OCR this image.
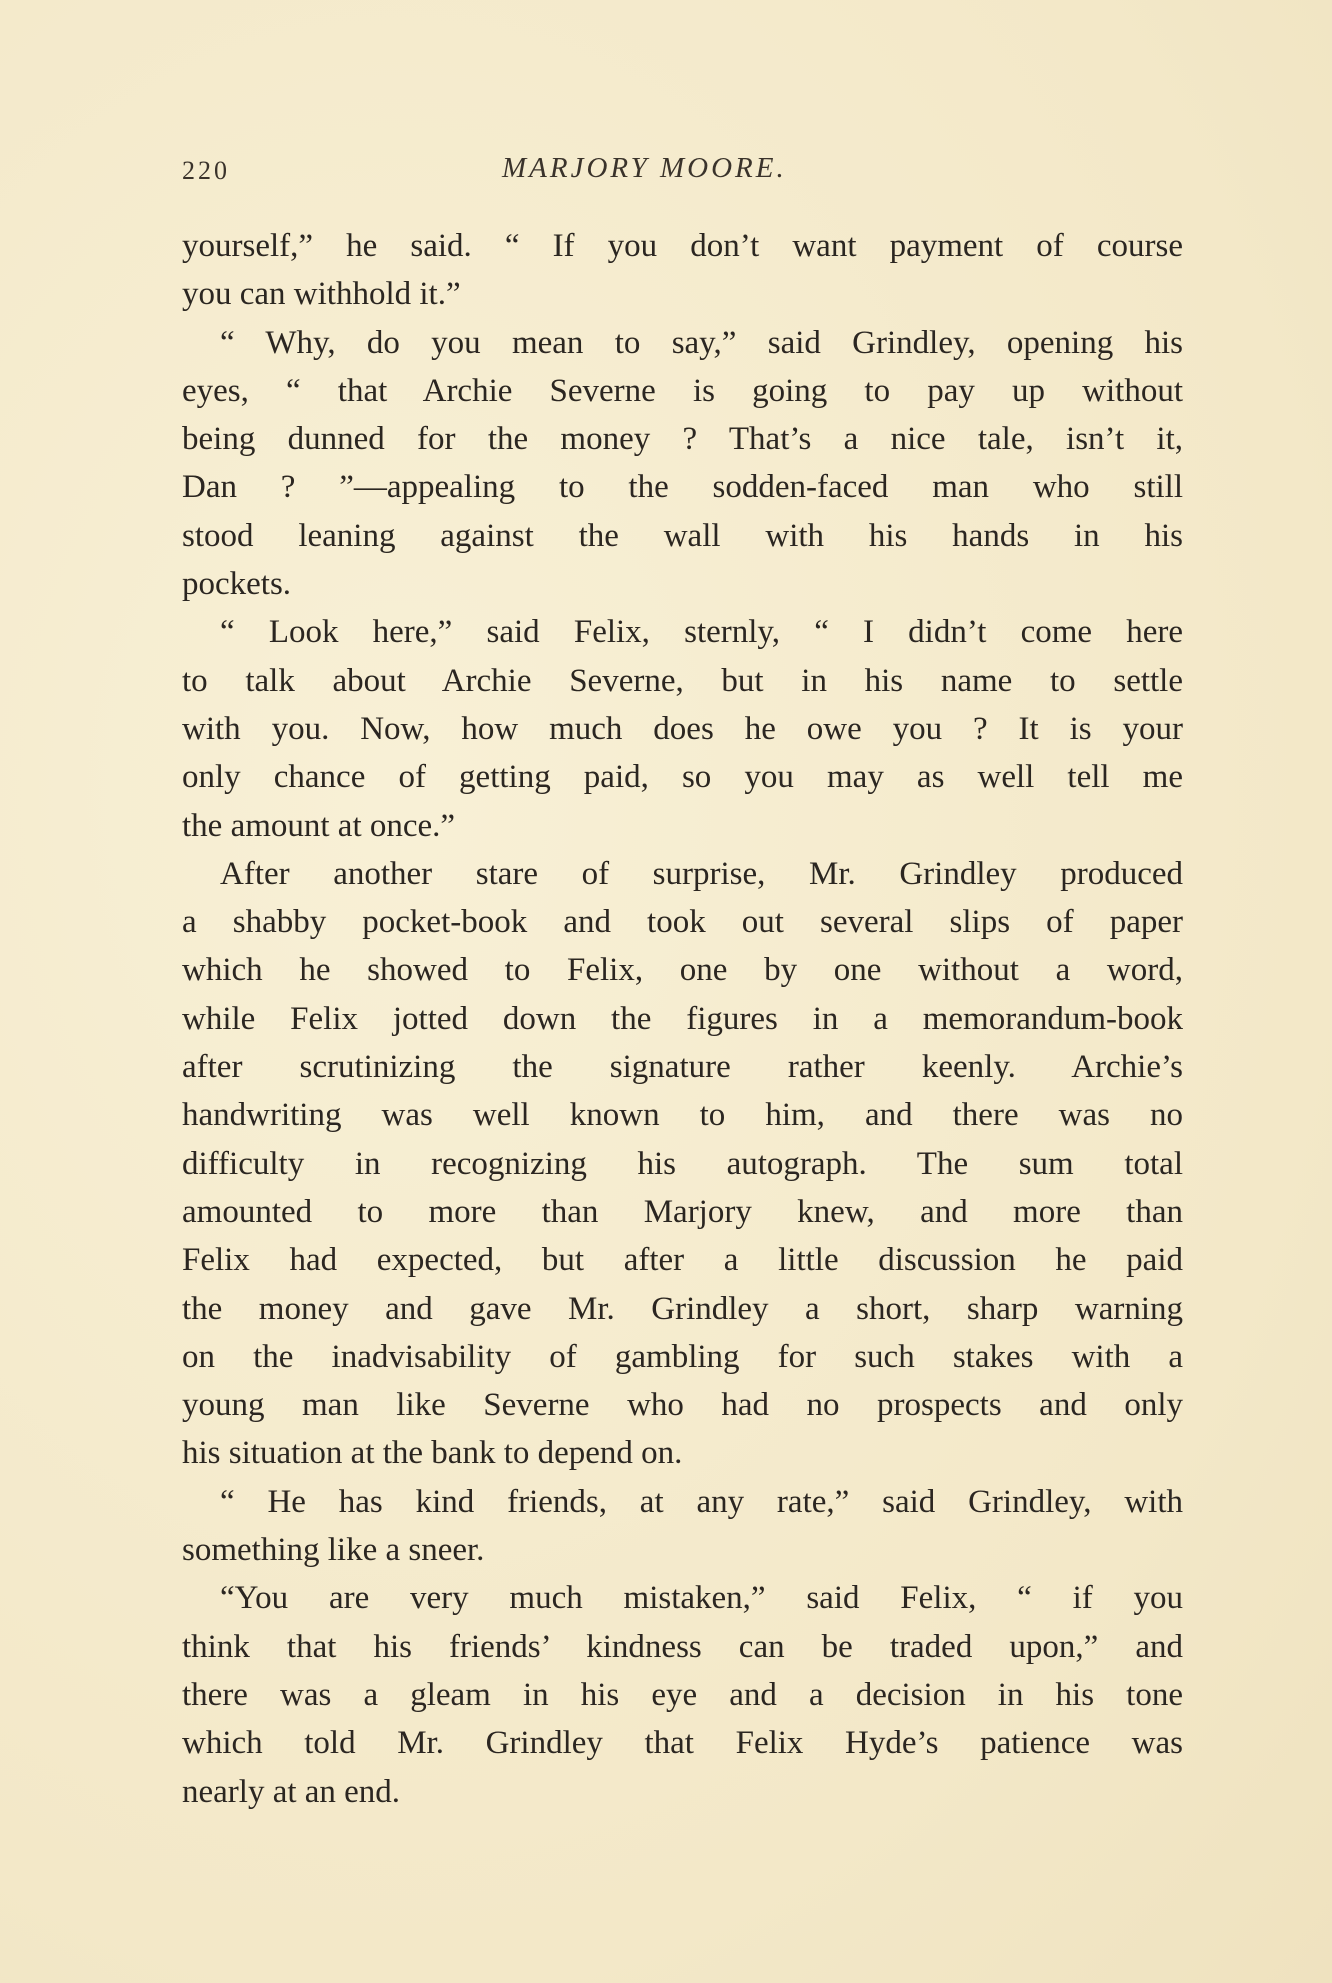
220	MARJORY MOORE.
yourself,” he said. “ If you don’t want payment of course
you can withhold it.”
“ Why, do you mean to say,” said Grindley, opening his
eyes, “ that Archie Severne is going to pay up without
being dunned for the money ? That’s a nice tale, isn’t it,
Dan ? ”—appealing to the sodden-faced man who still
stood leaning against the wall with his hands in his
pockets.
“ Look here,” said Felix, sternly, “ I didn’t come here
to talk about Archie Severne, but in his name to settle
with you. Now, how much does he owe you ? It is your
only chance of getting paid, so you may as well tell me
the amount at once.”
After another stare of surprise, Mr. Grindley produced
a shabby pocket-book and took out several slips of paper
which he showed to Felix, one by one without a word,
while Felix jotted down the figures in a memorandum-book
after scrutinizing the signature rather keenly. Archie’s
handwriting was well known to him, and there was no
difficulty in recognizing his autograph. The sum total
amounted to more than Marjory knew, and more than
Felix had expected, but after a little discussion he paid
the money and gave Mr. Grindley a short, sharp warning
on the inadvisability of gambling for such stakes with a
young man like Severne who had no prospects and only
his situation at the bank to depend on.
“ He has kind friends, at any rate,” said Grindley, with
something like a sneer.
“You are very much mistaken,” said Felix, “ if you
think that his friends’ kindness can be traded upon,” and
there was a gleam in his eye and a decision in his tone
which told Mr. Grindley that Felix Hyde’s patience was
nearly at an end.
